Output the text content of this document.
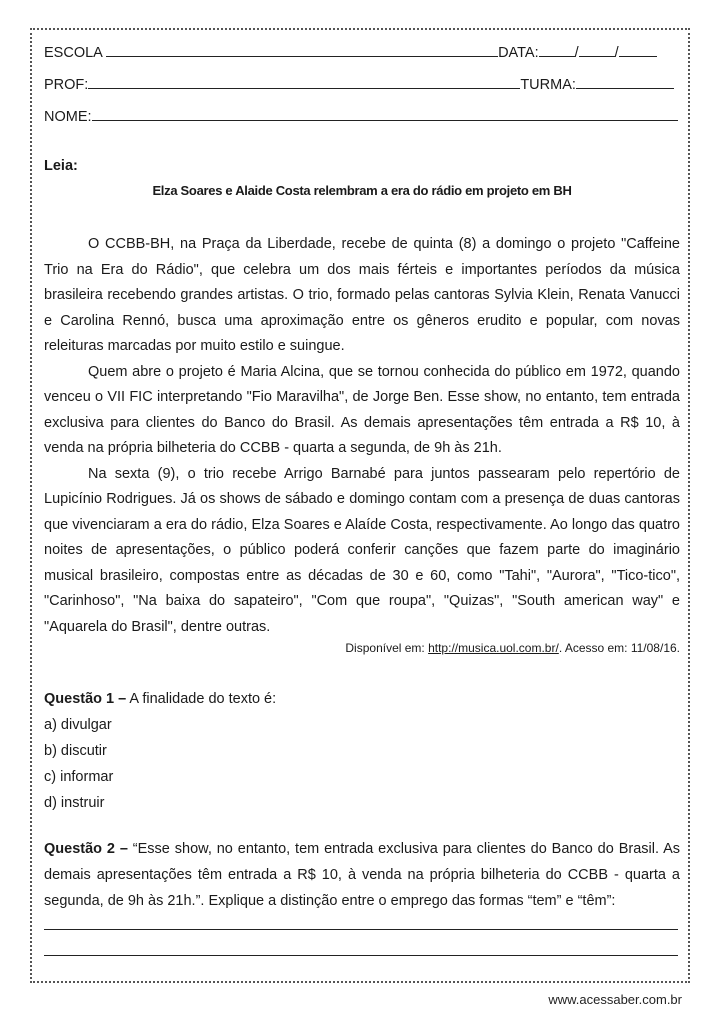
ESCOLA	DATA: / /
PROF:	TURMA:
NOME:
Leia:
Elza Soares e Alaide Costa relembram a era do rádio em projeto em BH

O CCBB-BH, na Praça da Liberdade, recebe de quinta (8) a domingo o projeto "Caffeine Trio na Era do Rádio", que celebra um dos mais férteis e importantes períodos da música brasileira recebendo grandes artistas. O trio, formado pelas cantoras Sylvia Klein, Renata Vanucci e Carolina Rennó, busca uma aproximação entre os gêneros erudito e popular, com novas releituras marcadas por muito estilo e suingue.

Quem abre o projeto é Maria Alcina, que se tornou conhecida do público em 1972, quando venceu o VII FIC interpretando "Fio Maravilha", de Jorge Ben. Esse show, no entanto, tem entrada exclusiva para clientes do Banco do Brasil. As demais apresentações têm entrada a R$ 10, à venda na própria bilheteria do CCBB - quarta a segunda, de 9h às 21h.

Na sexta (9), o trio recebe Arrigo Barnabé para juntos passearam pelo repertório de Lupicínio Rodrigues. Já os shows de sábado e domingo contam com a presença de duas cantoras que vivenciaram a era do rádio, Elza Soares e Alaíde Costa, respectivamente. Ao longo das quatro noites de apresentações, o público poderá conferir canções que fazem parte do imaginário musical brasileiro, compostas entre as décadas de 30 e 60, como "Tahi", "Aurora", "Tico-tico", "Carinhoso", "Na baixa do sapateiro", "Com que roupa", "Quizas", "South american way" e "Aquarela do Brasil", dentre outras.

Disponível em: http://musica.uol.com.br/. Acesso em: 11/08/16.
Questão 1 – A finalidade do texto é:
a) divulgar
b) discutir
c) informar
d) instruir
Questão 2 – “Esse show, no entanto, tem entrada exclusiva para clientes do Banco do Brasil. As demais apresentações têm entrada a R$ 10, à venda na própria bilheteria do CCBB - quarta a segunda, de 9h às 21h.”. Explique a distinção entre o emprego das formas “tem” e “têm”:
www.acessaber.com.br
